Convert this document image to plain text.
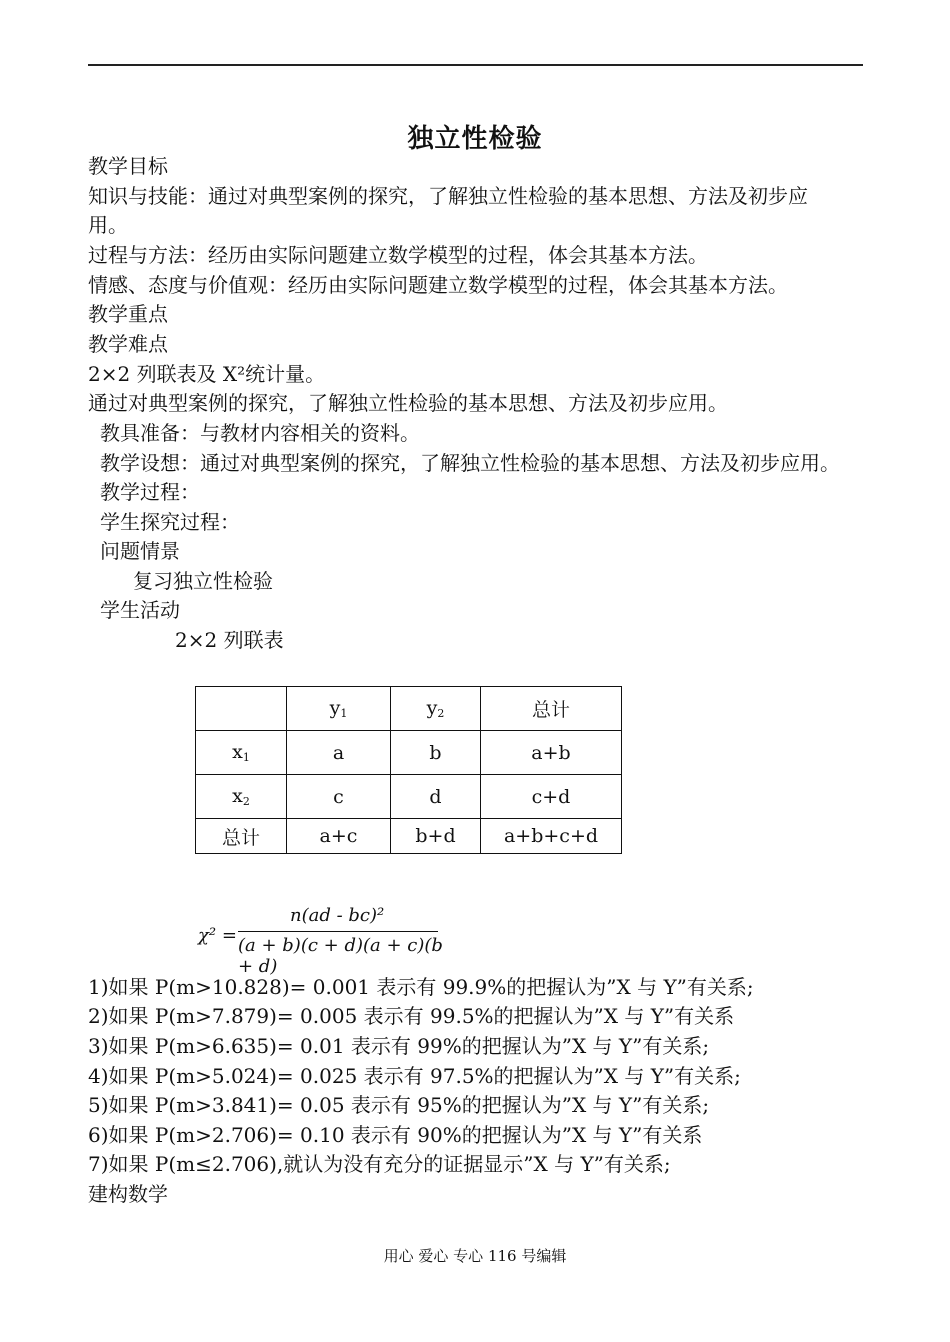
独立性检验
教学目标
知识与技能：通过对典型案例的探究，了解独立性检验的基本思想、方法及初步应
用。
过程与方法：经历由实际问题建立数学模型的过程，体会其基本方法。
情感、态度与价值观：经历由实际问题建立数学模型的过程，体会其基本方法。
教学重点
教学难点
2×2 列联表及 X²统计量。
通过对典型案例的探究，了解独立性检验的基本思想、方法及初步应用。
教具准备：与教材内容相关的资料。
教学设想：通过对典型案例的探究，了解独立性检验的基本思想、方法及初步应用。
教学过程：
学生探究过程：
问题情景
复习独立性检验
学生活动
2×2 列联表
	$y_1$	$y_2$	总计
$x_1$	a	b	a+b
$x_2$	c	d	c+d
总计	a+c	b+d	a+b+c+d
χ² =
n(ad - bc)²
(a + b)(c + d)(a + c)(b + d)
1)如果 P(m>10.828)= 0.001 表示有 99.9%的把握认为”X 与 Y”有关系;
2)如果 P(m>7.879)= 0.005 表示有 99.5%的把握认为”X 与 Y”有关系
3)如果 P(m>6.635)= 0.01 表示有 99%的把握认为”X 与 Y”有关系;
4)如果 P(m>5.024)= 0.025 表示有 97.5%的把握认为”X 与 Y”有关系;
5)如果 P(m>3.841)= 0.05 表示有 95%的把握认为”X 与 Y”有关系;
6)如果 P(m>2.706)= 0.10 表示有 90%的把握认为”X 与 Y”有关系
7)如果 P(m≤2.706),就认为没有充分的证据显示”X 与 Y”有关系;
建构数学
用心 爱心 专心 116 号编辑
